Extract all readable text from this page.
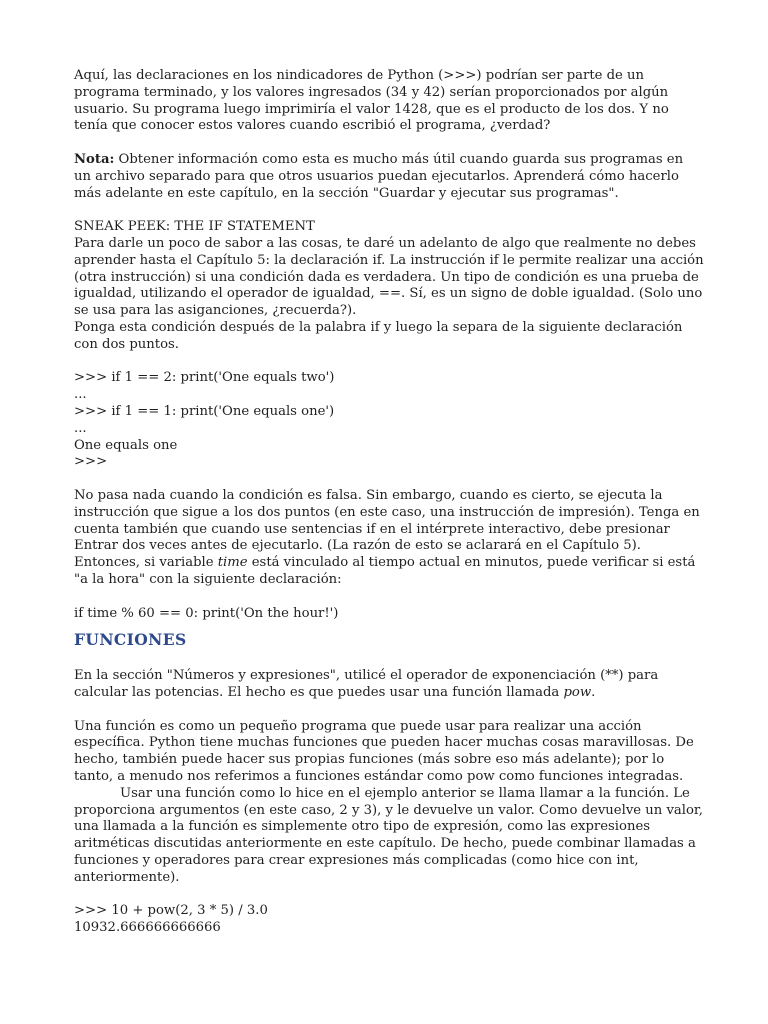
Aquí, las declaraciones en los nindicadores de Python (>>>) podrían ser parte de un programa terminado, y los valores ingresados (34 y 42) serían proporcionados por algún usuario. Su programa luego imprimiría el valor 1428, que es el producto de los dos. Y no tenía que conocer estos valores cuando escribió el programa, ¿verdad?

Nota: Obtener información como esta es mucho más útil cuando guarda sus programas en un archivo separado para que otros usuarios puedan ejecutarlos. Aprenderá cómo hacerlo más adelante en este capítulo, en la sección "Guardar y ejecutar sus programas".

SNEAK PEEK: THE IF STATEMENT

Para darle un poco de sabor a las cosas, te daré un adelanto de algo que realmente no debes aprender hasta el Capítulo 5: la declaración if. La instrucción if le permite realizar una acción (otra instrucción) si una condición dada es verdadera. Un tipo de condición es una prueba de igualdad, utilizando el operador de igualdad, ==. Sí, es un signo de doble igualdad. (Solo uno se usa para las asiganciones, ¿recuerda?).

Ponga esta condición después de la palabra if y luego la separa de la siguiente declaración con dos puntos.

>>> if 1 == 2: print('One equals two')

...

>>> if 1 == 1: print('One equals one')

...

One equals one

>>>

No pasa nada cuando la condición es falsa. Sin embargo, cuando es cierto, se ejecuta la instrucción que sigue a los dos puntos (en este caso, una instrucción de impresión). Tenga en cuenta también que cuando use sentencias if en el intérprete interactivo, debe presionar Entrar dos veces antes de ejecutarlo. (La razón de esto se aclarará en el Capítulo 5).

Entonces, si variable time está vinculado al tiempo actual en minutos, puede verificar si está "a la hora" con la siguiente declaración:

if time % 60 == 0: print('On the hour!')

FUNCIONES

En la sección "Números y expresiones", utilicé el operador de exponenciación (**) para calcular las potencias. El hecho es que puedes usar una función llamada pow.

Una función es como un pequeño programa que puede usar para realizar una acción específica. Python tiene muchas funciones que pueden hacer muchas cosas maravillosas. De hecho, también puede hacer sus propias funciones (más sobre eso más adelante); por lo tanto, a menudo nos referimos a funciones estándar como pow como funciones integradas.

Usar una función como lo hice en el ejemplo anterior se llama llamar a la función. Le proporciona argumentos (en este caso, 2 y 3), y le devuelve un valor. Como devuelve un valor, una llamada a la función es simplemente otro tipo de expresión, como las expresiones aritméticas discutidas anteriormente en este capítulo. De hecho, puede combinar llamadas a funciones y operadores para crear expresiones más complicadas (como hice con int, anteriormente).

>>> 10 + pow(2, 3 * 5) / 3.0

10932.666666666666
